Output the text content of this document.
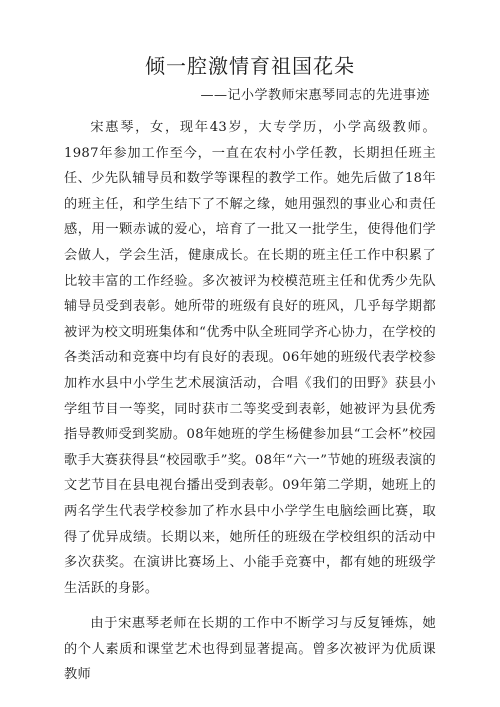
倾一腔激情育祖国花朵
——记小学教师宋惠琴同志的先进事迹

宋惠琴，女，现年43岁，大专学历，小学高级教师。1987年参加工作至今，一直在农村小学任教，长期担任班主任、少先队辅导员和数学等课程的教学工作。她先后做了18年的班主任，和学生结下了不解之缘，她用强烈的事业心和责任感，用一颗赤诚的爱心，培育了一批又一批学生，使得他们学会做人，学会生活，健康成长。在长期的班主任工作中积累了比较丰富的工作经验。多次被评为校模范班主任和优秀少先队辅导员受到表彰。她所带的班级有良好的班风，几乎每学期都被评为校文明班集体和“优秀中队全班同学齐心协力，在学校的各类活动和竞赛中均有良好的表现。06年她的班级代表学校参加柞水县中小学生艺术展演活动，合唱《我们的田野》获县小学组节目一等奖，同时获市二等奖受到表彰，她被评为县优秀指导教师受到奖励。08年她班的学生杨健参加县“工会杯”校园歌手大赛获得县“校园歌手”奖。08年“六一”节她的班级表演的文艺节目在县电视台播出受到表彰。09年第二学期，她班上的两名学生代表学校参加了柞水县中小学学生电脑绘画比赛，取得了优异成绩。长期以来，她所任的班级在学校组织的活动中多次获奖。在演讲比赛场上、小能手竞赛中，都有她的班级学生活跃的身影。

由于宋惠琴老师在长期的工作中不断学习与反复锤炼，她的个人素质和课堂艺术也得到显著提高。曾多次被评为优质课教师
